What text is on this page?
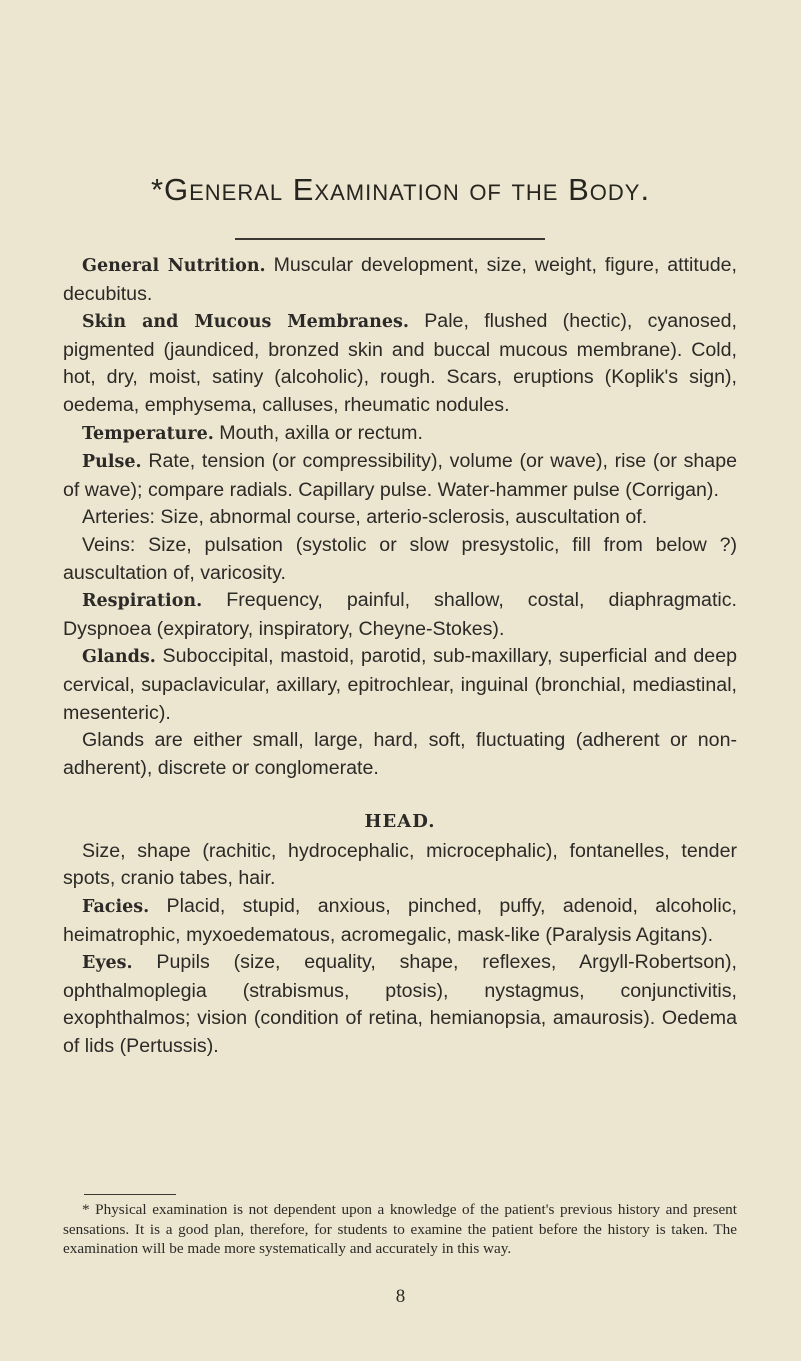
*General Examination of the Body.

General Nutrition. Muscular development, size, weight, figure, attitude, decubitus.

Skin and Mucous Membranes. Pale, flushed (hectic), cyanosed, pigmented (jaundiced, bronzed skin and buccal mucous membrane). Cold, hot, dry, moist, satiny (alcoholic), rough. Scars, eruptions (Koplik's sign), oedema, emphysema, calluses, rheumatic nodules.

Temperature. Mouth, axilla or rectum.

Pulse. Rate, tension (or compressibility), volume (or wave), rise (or shape of wave); compare radials. Capillary pulse. Water-hammer pulse (Corrigan).

Arteries: Size, abnormal course, arterio-sclerosis, auscultation of.

Veins: Size, pulsation (systolic or slow presystolic, fill from below ?) auscultation of, varicosity.

Respiration. Frequency, painful, shallow, costal, diaphragmatic. Dyspnoea (expiratory, inspiratory, Cheyne-Stokes).

Glands. Suboccipital, mastoid, parotid, sub-maxillary, superficial and deep cervical, supaclavicular, axillary, epitrochlear, inguinal (bronchial, mediastinal, mesenteric).

Glands are either small, large, hard, soft, fluctuating (adherent or non-adherent), discrete or conglomerate.

HEAD.

Size, shape (rachitic, hydrocephalic, microcephalic), fontanelles, tender spots, cranio tabes, hair.

Facies. Placid, stupid, anxious, pinched, puffy, adenoid, alcoholic, heimatrophic, myxoedematous, acromegalic, mask-like (Paralysis Agitans).

Eyes. Pupils (size, equality, shape, reflexes, Argyll-Robertson), ophthalmoplegia (strabismus, ptosis), nystagmus, conjunctivitis, exophthalmos; vision (condition of retina, hemianopsia, amaurosis). Oedema of lids (Pertussis).

* Physical examination is not dependent upon a knowledge of the patient's previous history and present sensations. It is a good plan, therefore, for students to examine the patient before the history is taken. The examination will be made more systematically and accurately in this way.

8
